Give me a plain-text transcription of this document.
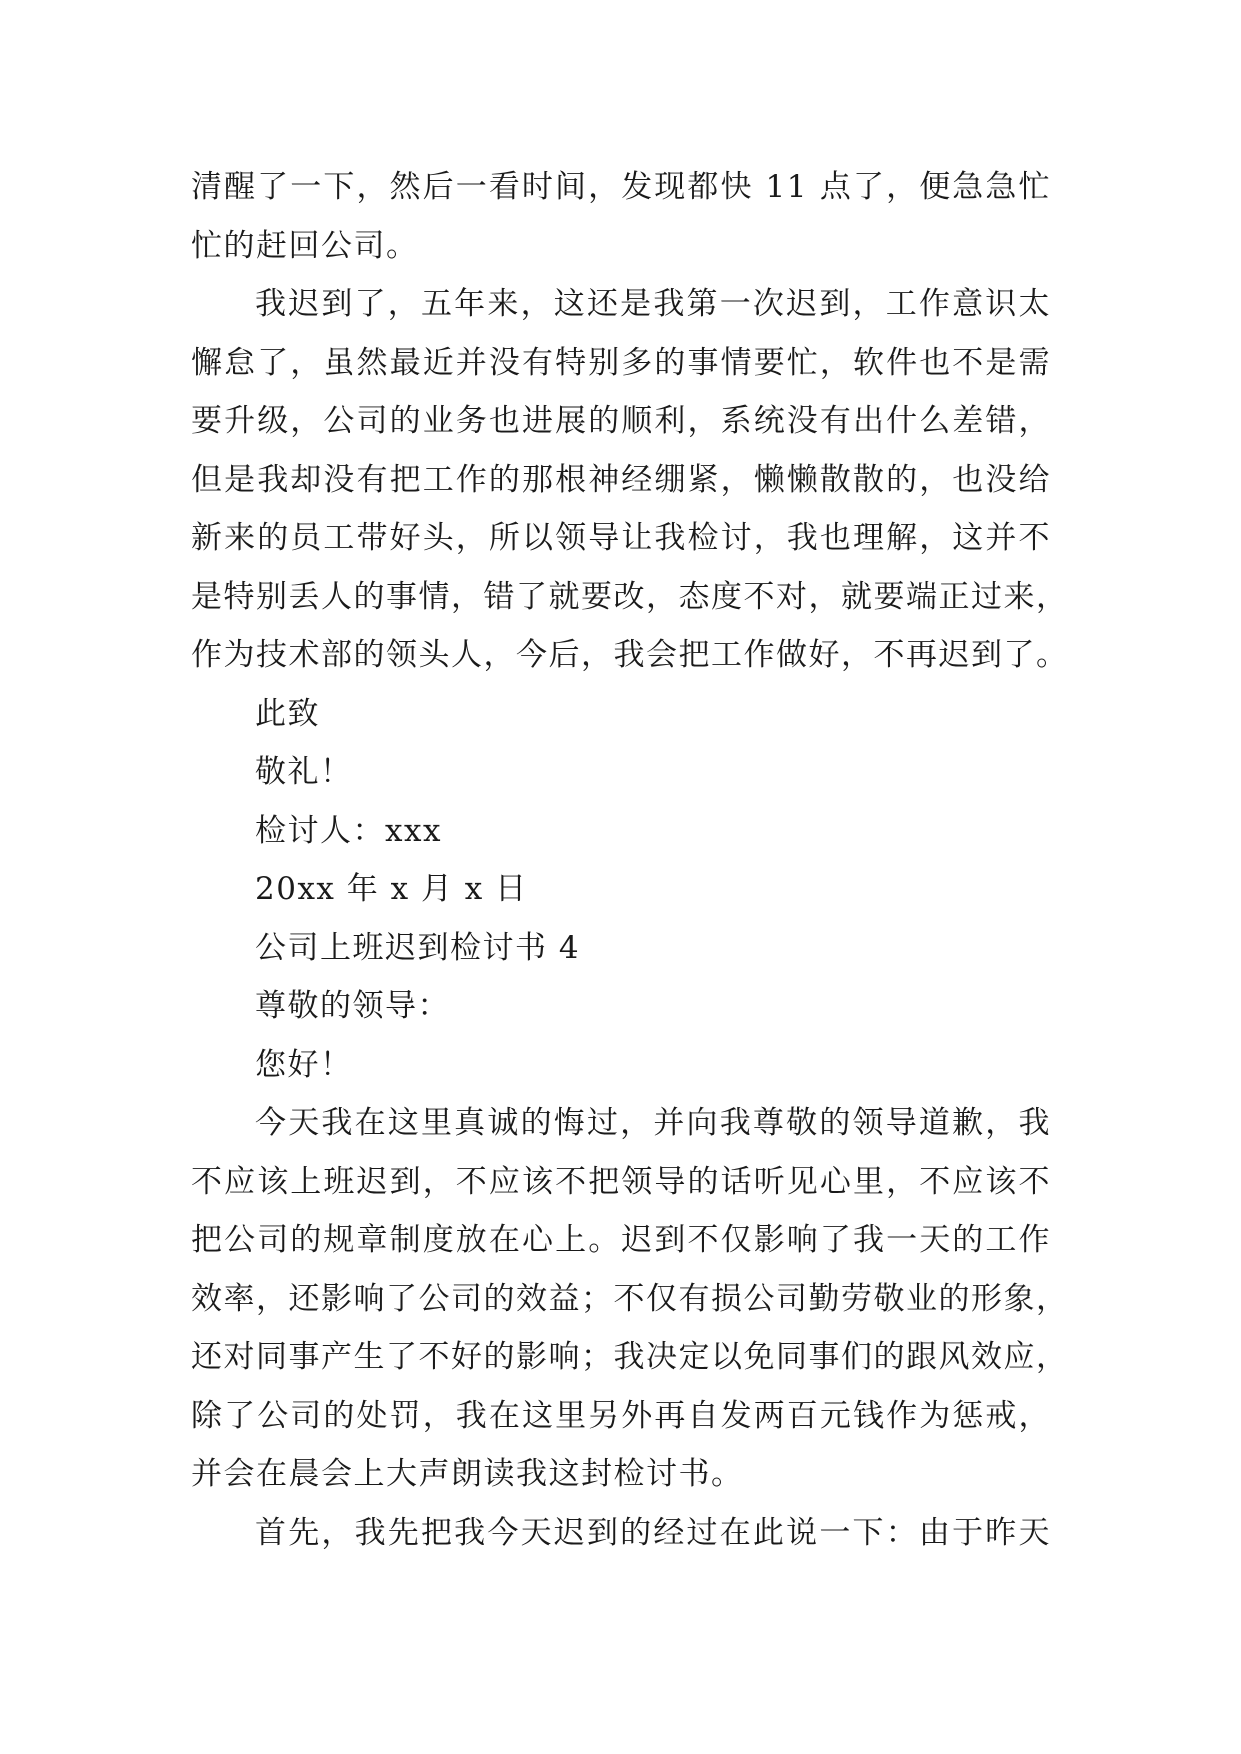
清醒了一下，然后一看时间，发现都快 11 点了，便急急忙
忙的赶回公司。
我迟到了，五年来，这还是我第一次迟到，工作意识太
懈怠了，虽然最近并没有特别多的事情要忙，软件也不是需
要升级，公司的业务也进展的顺利，系统没有出什么差错，
但是我却没有把工作的那根神经绷紧，懒懒散散的，也没给
新来的员工带好头，所以领导让我检讨，我也理解，这并不
是特别丢人的事情，错了就要改，态度不对，就要端正过来，
作为技术部的领头人，今后，我会把工作做好，不再迟到了。
此致
敬礼！
检讨人：xxx
20xx 年 x 月 x 日
公司上班迟到检讨书 4
尊敬的领导：
您好！
今天我在这里真诚的悔过，并向我尊敬的领导道歉，我
不应该上班迟到，不应该不把领导的话听见心里，不应该不
把公司的规章制度放在心上。迟到不仅影响了我一天的工作
效率，还影响了公司的效益；不仅有损公司勤劳敬业的形象，
还对同事产生了不好的影响；我决定以免同事们的跟风效应，
除了公司的处罚，我在这里另外再自发两百元钱作为惩戒，
并会在晨会上大声朗读我这封检讨书。
首先，我先把我今天迟到的经过在此说一下：由于昨天
